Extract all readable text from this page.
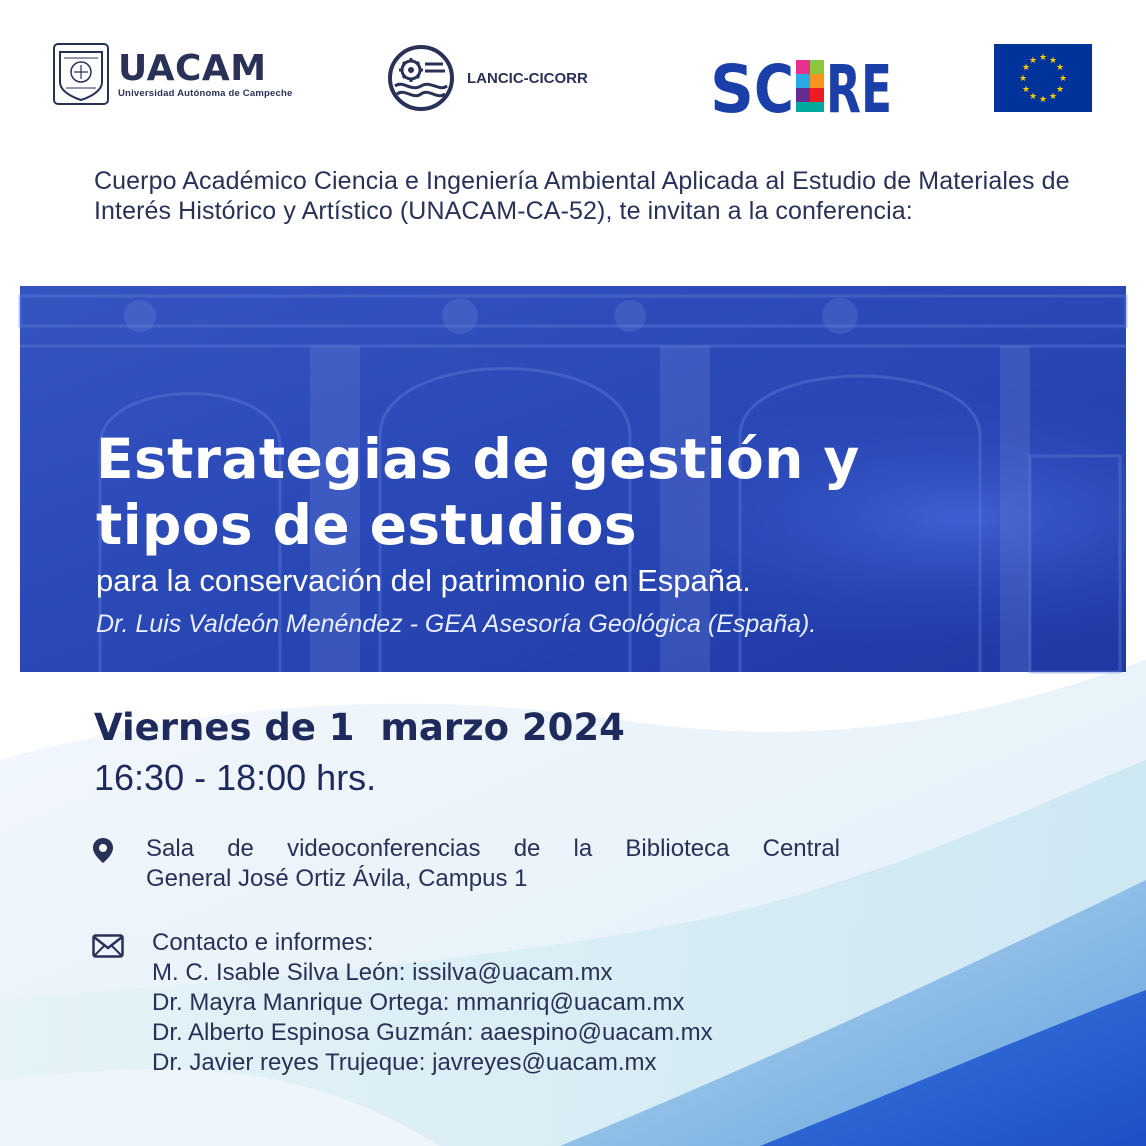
UACAM
Universidad Autónoma de Campeche
LANCIC-CICORR S C RE	★ ★
★
★
★
★
★
★
★
★
★
★
Cuerpo Académico Ciencia e Ingeniería Ambiental Aplicada al Estudio de Materiales de Interés Histórico y Artístico (UNACAM-CA-52), te invitan a la conferencia:
Estrategias de gestión y
tipos de estudios
para la conservación del patrimonio en España.
Dr. Luis Valdeón Menéndez - GEA Asesoría Geológica (España).
Viernes de 1  marzo 2024
16:30 - 18:00 hrs.
Sala de videoconferencias de la Biblioteca Central
General José Ortiz Ávila, Campus 1
Contacto e informes:
M. C. Isable Silva León: issilva@uacam.mx
Dr. Mayra Manrique Ortega: mmanriq@uacam.mx
Dr. Alberto Espinosa Guzmán: aaespino@uacam.mx
Dr. Javier reyes Trujeque: javreyes@uacam.mx
